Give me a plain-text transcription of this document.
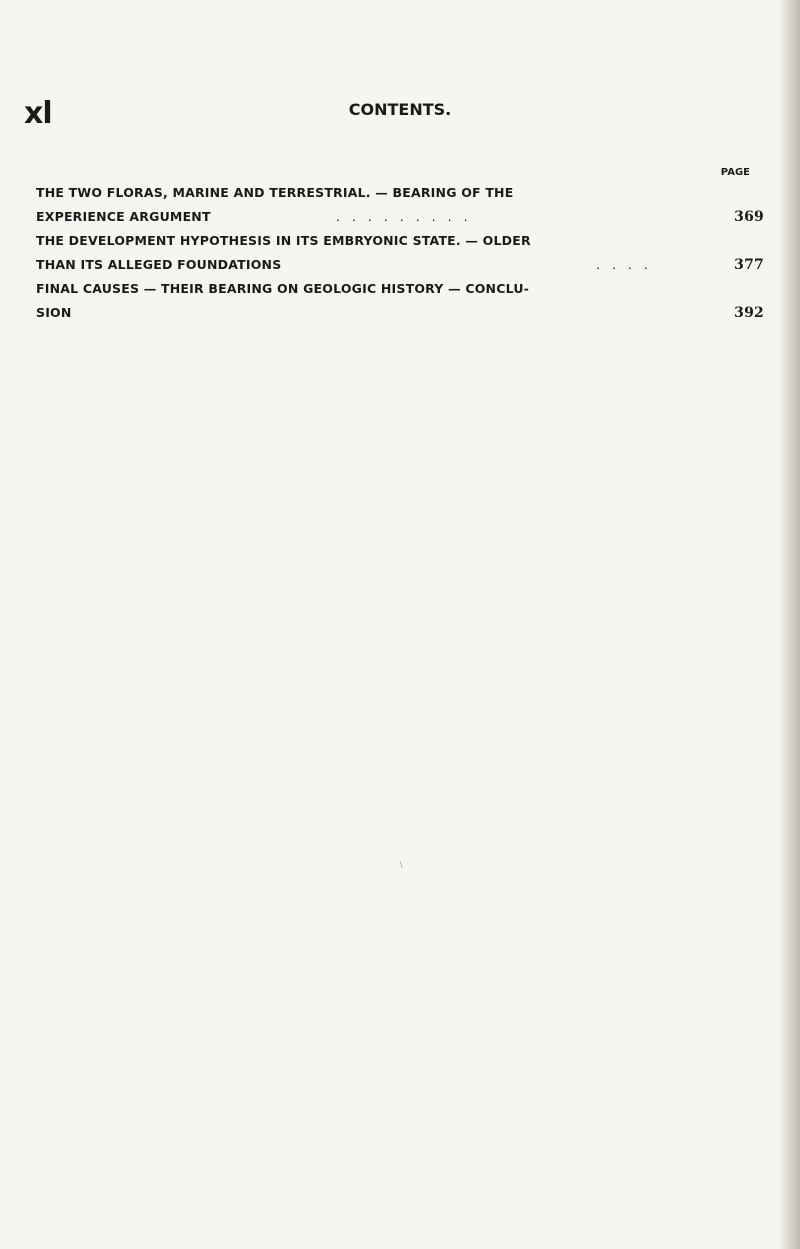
xl	CONTENTS.
PAGE
THE TWO FLORAS, MARINE AND TERRESTRIAL. — BEARING OF THE
EXPERIENCE ARGUMENT	. . . . . . . . .	369
THE DEVELOPMENT HYPOTHESIS IN ITS EMBRYONIC STATE. — OLDER
THAN ITS ALLEGED FOUNDATIONS	. . . .	377
FINAL CAUSES — THEIR BEARING ON GEOLOGIC HISTORY — CONCLU-
SION	392
\
